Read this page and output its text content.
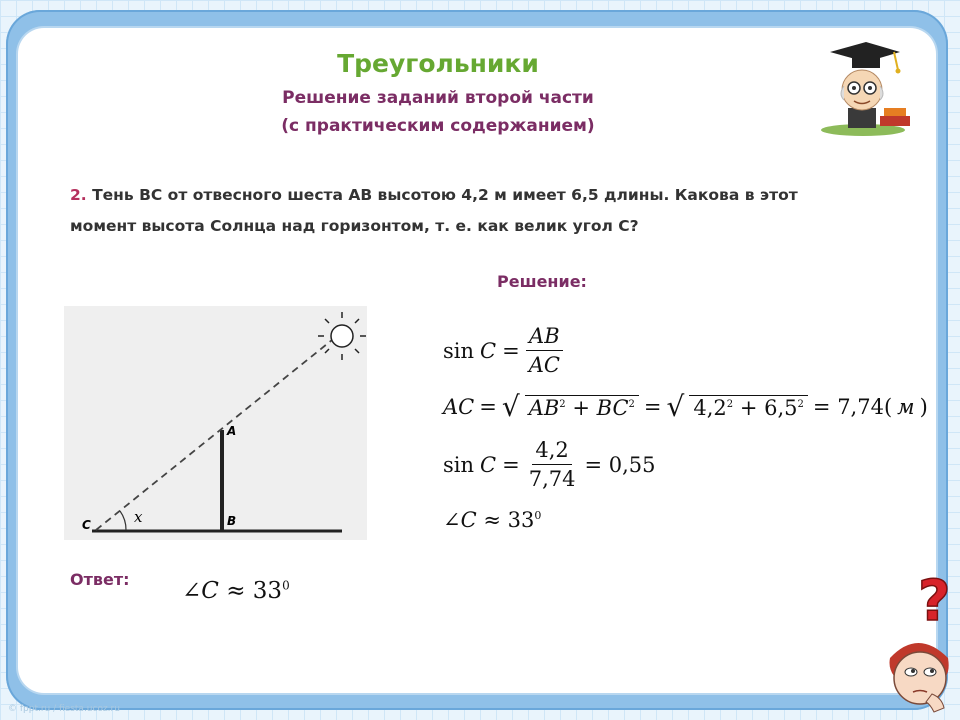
Треугольники
Решение заданий второй части
(с практическим содержанием)
2. Тень ВС от отвесного шеста АВ высотою 4,2 м имеет 6,5 длины. Какова в этот
момент высота Солнца над горизонтом, т. е. как велик угол С?
Решение:
A
B
C	x
$\sin C = \frac{AB}{AC}$
AC = √ $AB^2 + BC^2$ = √ $4,2^2 + 6,5^2 = 7,74$( м )
$\sin C = \frac{4,2}{7,74} = 0,55$
∠C ≈ $33^0$
Ответ: ∠C ≈ $33^0$	?
© fppt.ru / fiesta.ucoz.ru
